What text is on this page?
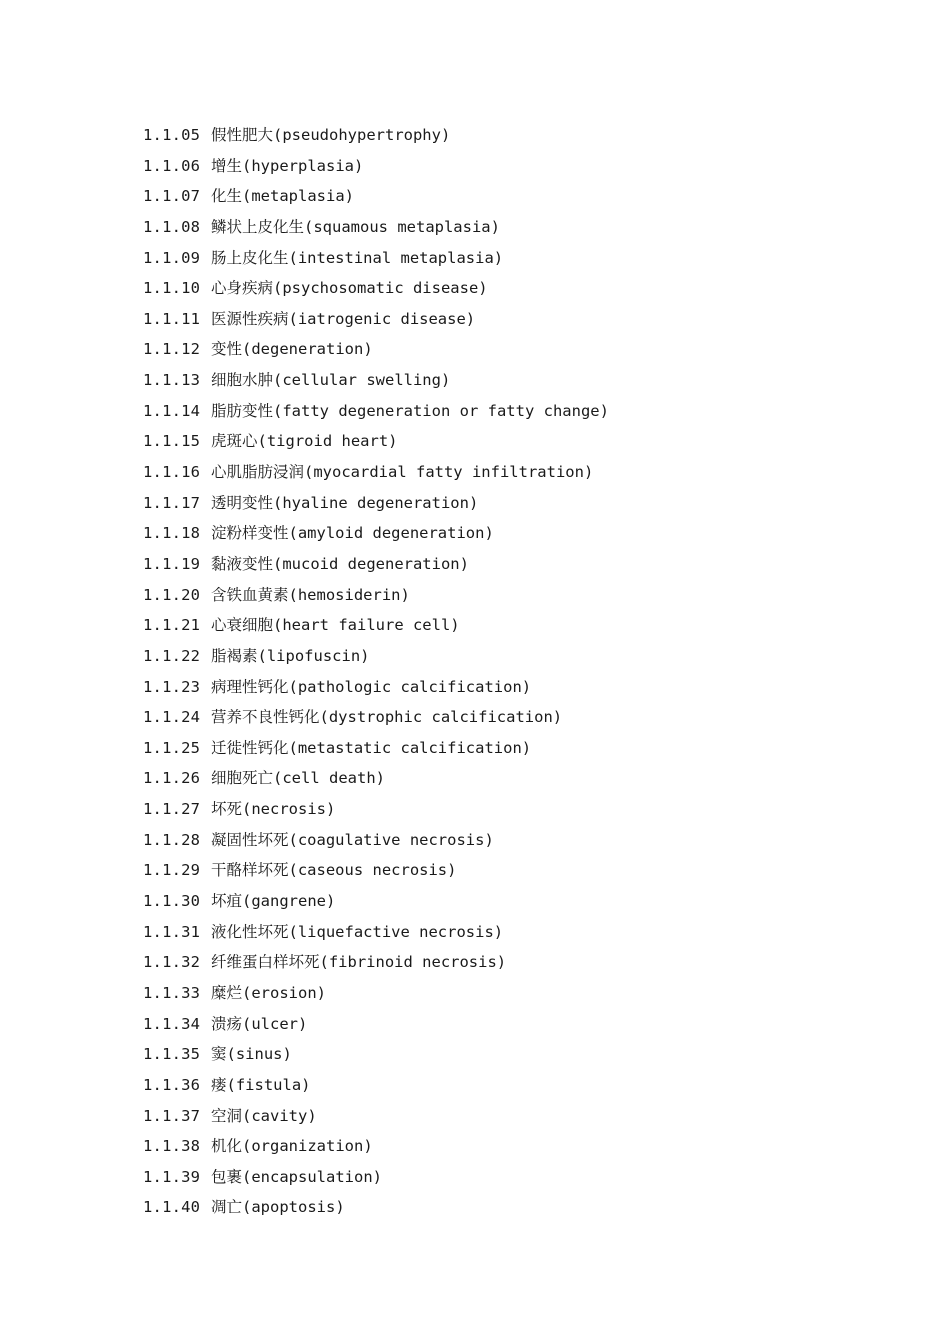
1.1.05 假性肥大(pseudohypertrophy)
1.1.06 增生(hyperplasia)
1.1.07 化生(metaplasia)
1.1.08 鳞状上皮化生(squamous metaplasia)
1.1.09 肠上皮化生(intestinal metaplasia)
1.1.10 心身疾病(psychosomatic disease)
1.1.11 医源性疾病(iatrogenic disease)
1.1.12 变性(degeneration)
1.1.13 细胞水肿(cellular swelling)
1.1.14 脂肪变性(fatty degeneration or fatty change)
1.1.15 虎斑心(tigroid heart)
1.1.16 心肌脂肪浸润(myocardial fatty infiltration)
1.1.17 透明变性(hyaline degeneration)
1.1.18 淀粉样变性(amyloid degeneration)
1.1.19 黏液变性(mucoid degeneration)
1.1.20 含铁血黄素(hemosiderin)
1.1.21 心衰细胞(heart failure cell)
1.1.22 脂褐素(lipofuscin)
1.1.23 病理性钙化(pathologic calcification)
1.1.24 营养不良性钙化(dystrophic calcification)
1.1.25 迁徙性钙化(metastatic calcification)
1.1.26 细胞死亡(cell death)
1.1.27 坏死(necrosis)
1.1.28 凝固性坏死(coagulative necrosis)
1.1.29 干酪样坏死(caseous necrosis)
1.1.30 坏疽(gangrene)
1.1.31 液化性坏死(liquefactive necrosis)
1.1.32 纤维蛋白样坏死(fibrinoid necrosis)
1.1.33 糜烂(erosion)
1.1.34 溃疡(ulcer)
1.1.35 窦(sinus)
1.1.36 瘘(fistula)
1.1.37 空洞(cavity)
1.1.38 机化(organization)
1.1.39 包裹(encapsulation)
1.1.40 凋亡(apoptosis)
